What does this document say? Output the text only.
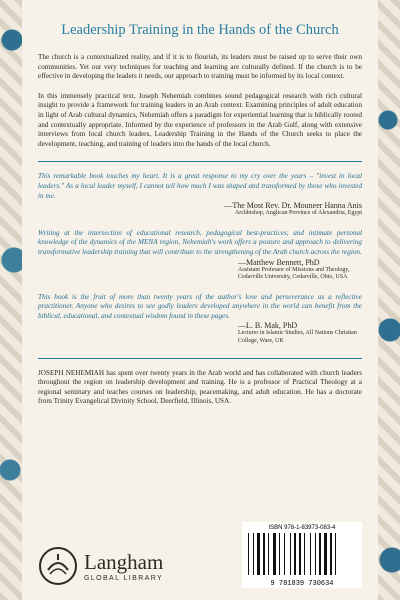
Leadership Training in the Hands of the Church
The church is a contextualized reality, and if it is to flourish, its leaders must be raised up to serve their own communities. Yet our very techniques for teaching and learning are culturally defined. If the church is to be effective in developing the leaders it needs, our approach to training must be informed by its local context.
In this immensely practical text, Joseph Nehemiah combines sound pedagogical research with rich cultural insight to provide a framework for training leaders in an Arab context. Examining principles of adult education in light of Arab cultural dynamics, Nehemiah offers a paradigm for experiential learning that is biblically rooted and contextually appropriate. Informed by the experience of professors in the Arab Gulf, along with extensive interviews from local church leaders, Leadership Training in the Hands of the Church seeks to place the development, teaching, and training of leaders into the hands of the local church.
This remarkable book touches my heart. It is a great response to my cry over the years – "invest in local leaders." As a local leader myself, I cannot tell how much I was shaped and transformed by those who invested in me.
—The Most Rev. Dr. Mouneer Hanna Anis
Archbishop, Anglican Province of Alexandria, Egypt
Writing at the intersection of educational research, pedagogical best-practices, and intimate personal knowledge of the dynamics of the MENA region, Nehemiah's work offers a posture and approach to delivering transformative leadership training that will contribute to the strengthening of the Arab church across the region.
—Matthew Bennett, PhD
Assistant Professor of Missions and Theology, Cedarville University, Cedarville, Ohio, USA
This book is the fruit of more than twenty years of the author's love and perseverance as a reflective practitioner. Anyone who desires to see godly leaders developed anywhere in the world can benefit from the biblical, educational, and contextual wisdom found in these pages.
—L. B. Mak, PhD
Lecturer in Islamic Studies, All Nations Christian College, Ware, UK
JOSEPH NEHEMIAH has spent over twenty years in the Arab world and has collaborated with church leaders throughout the region on leadership development and training. He is a professor of Practical Theology at a regional seminary and teaches courses on leadership, peacemaking, and adult education. He has a doctorate from Trinity Evangelical Divinity School, Deerfield, Illinois, USA.
Langham
GLOBAL LIBRARY
ISBN 978-1-83973-083-4
9 781839 730634
